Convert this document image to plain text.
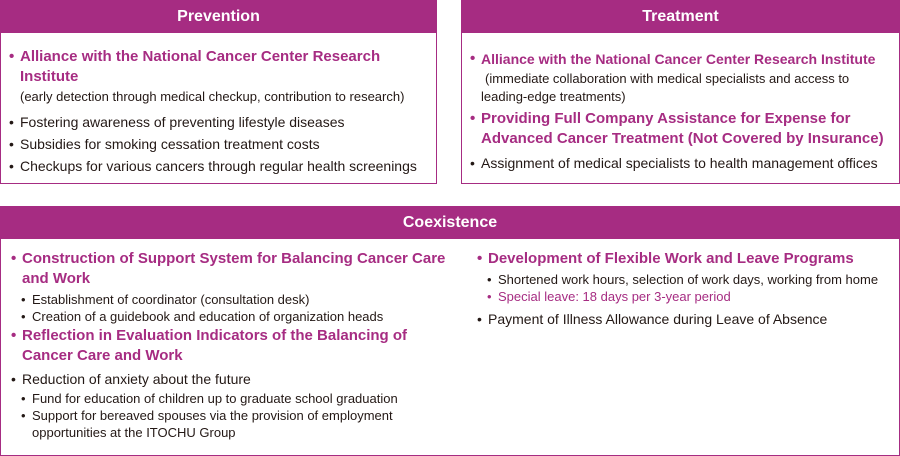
Prevention
• Alliance with the National Cancer Center Research Institute
(early detection through medical checkup, contribution to research)
• Fostering awareness of preventing lifestyle diseases
• Subsidies for smoking cessation treatment costs
• Checkups for various cancers through regular health screenings
Treatment
• Alliance with the National Cancer Center Research Institute
(immediate collaboration with medical specialists and access to leading-edge treatments)
• Providing Full Company Assistance for Expense for Advanced Cancer Treatment (Not Covered by Insurance)
• Assignment of medical specialists to health management offices
Coexistence
• Construction of Support System for Balancing Cancer Care and Work
• Establishment of coordinator (consultation desk)
• Creation of a guidebook and education of organization heads
• Reflection in Evaluation Indicators of the Balancing of Cancer Care and Work
• Reduction of anxiety about the future
• Fund for education of children up to graduate school graduation
• Support for bereaved spouses via the provision of employment opportunities at the ITOCHU Group
• Development of Flexible Work and Leave Programs
• Shortened work hours, selection of work days, working from home
• Special leave: 18 days per 3-year period
• Payment of Illness Allowance during Leave of Absence
